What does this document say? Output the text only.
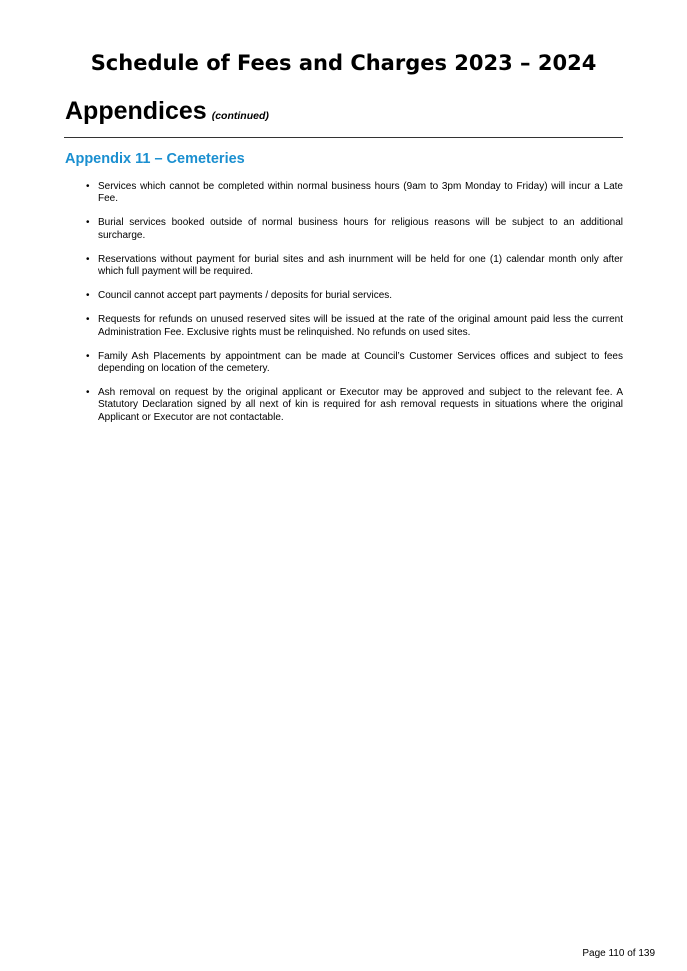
Schedule of Fees and Charges 2023 – 2024
Appendices (continued)
Appendix 11 – Cemeteries
• Services which cannot be completed within normal business hours (9am to 3pm Monday to Friday) will incur a Late Fee.
• Burial services booked outside of normal business hours for religious reasons will be subject to an additional surcharge.
• Reservations without payment for burial sites and ash inurnment will be held for one (1) calendar month only after which full payment will be required.
• Council cannot accept part payments / deposits for burial services.
• Requests for refunds on unused reserved sites will be issued at the rate of the original amount paid less the current Administration Fee. Exclusive rights must be relinquished. No refunds on used sites.
• Family Ash Placements by appointment can be made at Council’s Customer Services offices and subject to fees depending on location of the cemetery.
• Ash removal on request by the original applicant or Executor may be approved and subject to the relevant fee. A Statutory Declaration signed by all next of kin is required for ash removal requests in situations where the original Applicant or Executor are not contactable.

Page 110 of 139
